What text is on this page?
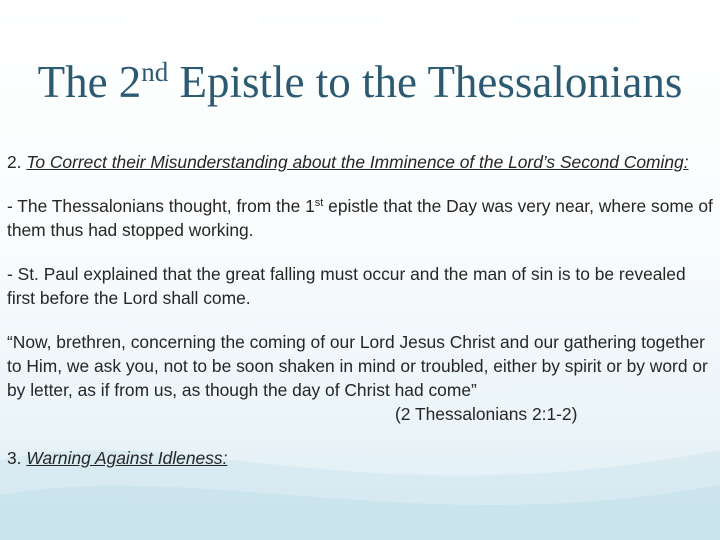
The 2nd Epistle to the Thessalonians

2. To Correct their Misunderstanding about the Imminence of the Lord’s Second Coming:

- The Thessalonians thought, from the 1st epistle that the Day was very near, where some of them thus had stopped working.

- St. Paul explained that the great falling must occur and the man of sin is to be revealed first before the Lord shall come.

“Now, brethren, concerning the coming of our Lord Jesus Christ and our gathering together to Him, we ask you, not to be soon shaken in mind or troubled, either by spirit or by word or by letter, as if from us, as though the day of Christ had come”

(2 Thessalonians 2:1-2)

3. Warning Against Idleness:
